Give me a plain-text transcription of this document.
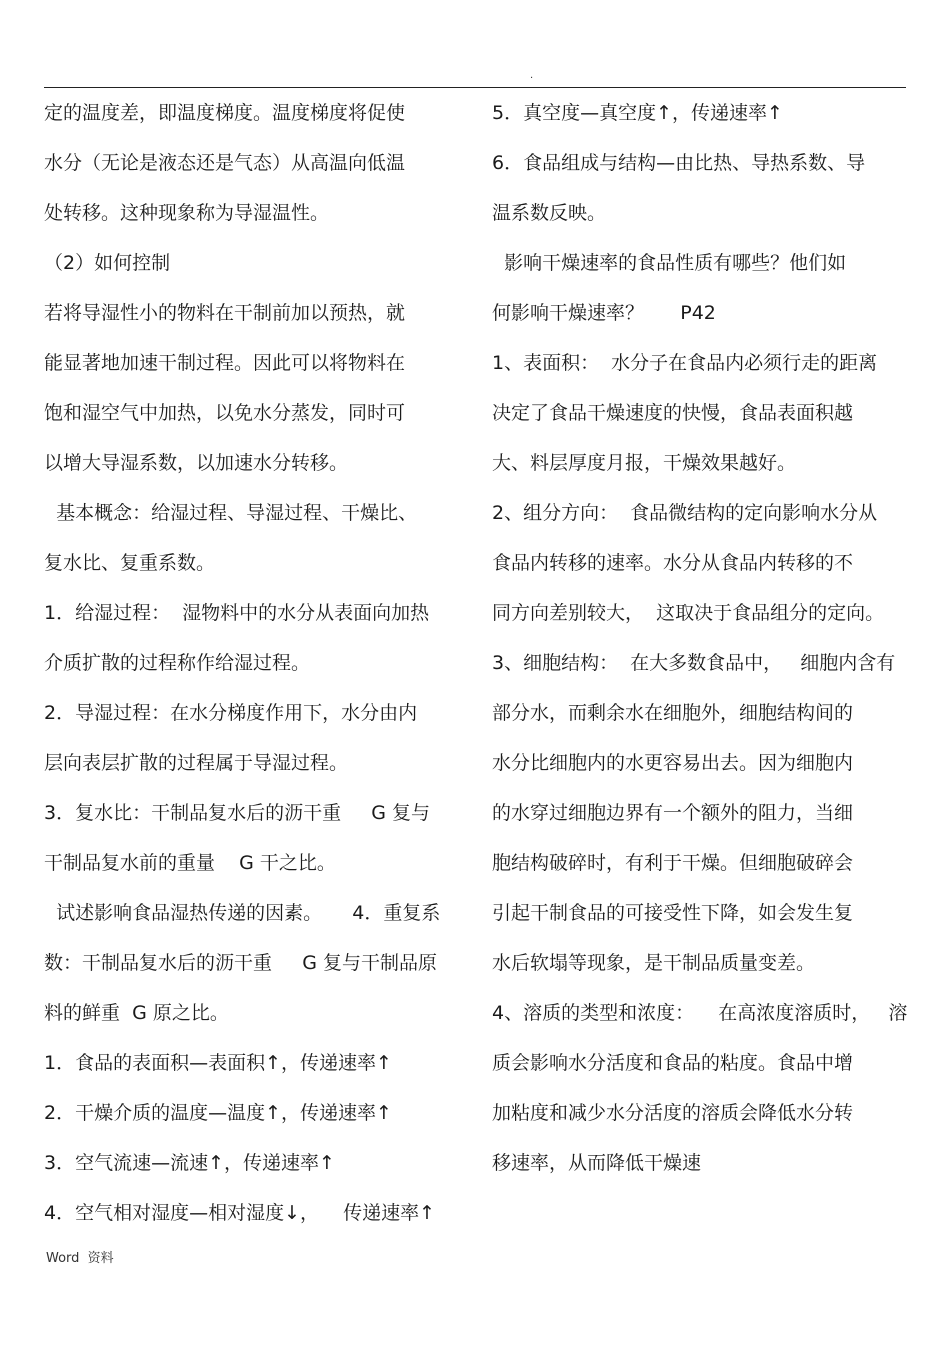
.
定的温度差，即温度梯度。温度梯度将促使
水分（无论是液态还是气态）从高温向低温
处转移。这种现象称为导湿温性。
（2）如何控制
若将导湿性小的物料在干制前加以预热，就
能显著地加速干制过程。因此可以将物料在
饱和湿空气中加热，以免水分蒸发，同时可
以增大导湿系数，以加速水分转移。
基本概念：给湿过程、导湿过程、干燥比、
复水比、复重系数。
1．给湿过程：  湿物料中的水分从表面向加热
介质扩散的过程称作给湿过程。
2．导湿过程：在水分梯度作用下，水分由内
层向表层扩散的过程属于导湿过程。
3．复水比：干制品复水后的沥干重     G 复与
干制品复水前的重量    G 干之比。
试述影响食品湿热传递的因素。     4．重复系
数：干制品复水后的沥干重     G 复与干制品原
料的鲜重  G 原之比。
1．食品的表面积—表面积↑，传递速率↑
2．干燥介质的温度—温度↑，传递速率↑
3．空气流速—流速↑，传递速率↑
4．空气相对湿度—相对湿度↓，    传递速率↑
5．真空度—真空度↑，传递速率↑
6．食品组成与结构—由比热、导热系数、导
温系数反映。
影响干燥速率的食品性质有哪些？他们如
何影响干燥速率？      P42
1、表面积：  水分子在食品内必须行走的距离
决定了食品干燥速度的快慢，食品表面积越
大、料层厚度月报，干燥效果越好。
2、组分方向：  食品微结构的定向影响水分从
食品内转移的速率。水分从食品内转移的不
同方向差别较大，  这取决于食品组分的定向。
3、细胞结构：  在大多数食品中，   细胞内含有
部分水，而剩余水在细胞外，细胞结构间的
水分比细胞内的水更容易出去。因为细胞内
的水穿过细胞边界有一个额外的阻力，当细
胞结构破碎时，有利于干燥。但细胞破碎会
引起干制食品的可接受性下降，如会发生复
水后软塌等现象，是干制品质量变差。
4、溶质的类型和浓度：    在高浓度溶质时，   溶
质会影响水分活度和食品的粘度。食品中增
加粘度和减少水分活度的溶质会降低水分转
移速率，从而降低干燥速
Word  资料
